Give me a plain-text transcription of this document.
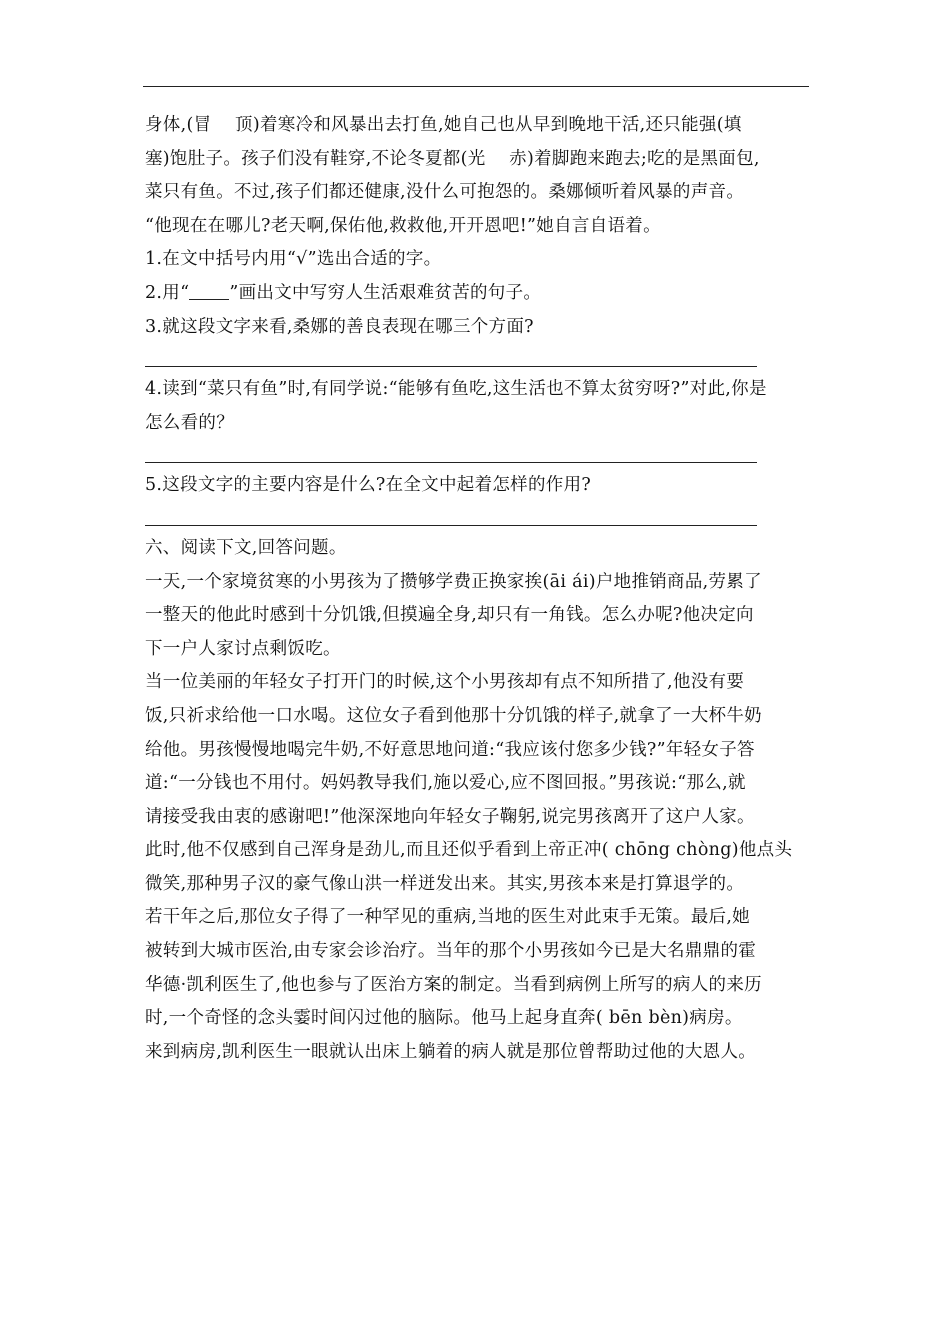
身体,(冒　 顶)着寒冷和风暴出去打鱼,她自己也从早到晚地干活,还只能强(填
塞)饱肚子。孩子们没有鞋穿,不论冬夏都(光　 赤)着脚跑来跑去;吃的是黑面包,
菜只有鱼。不过,孩子们都还健康,没什么可抱怨的。桑娜倾听着风暴的声音。
“他现在在哪儿?老天啊,保佑他,救救他,开开恩吧!”她自言自语着。
1.在文中括号内用“√”选出合适的字。
2.用“ ”画出文中写穷人生活艰难贫苦的句子。
3.就这段文字来看,桑娜的善良表现在哪三个方面?
4.读到“菜只有鱼”时,有同学说:“能够有鱼吃,这生活也不算太贫穷呀?”对此,你是
怎么看的？
5.这段文字的主要内容是什么?在全文中起着怎样的作用?
六、阅读下文,回答问题。
一天,一个家境贫寒的小男孩为了攒够学费正换家挨(āi ái)户地推销商品,劳累了
一整天的他此时感到十分饥饿,但摸遍全身,却只有一角钱。怎么办呢?他决定向
下一户人家讨点剩饭吃。
当一位美丽的年轻女子打开门的时候,这个小男孩却有点不知所措了,他没有要
饭,只祈求给他一口水喝。这位女子看到他那十分饥饿的样子,就拿了一大杯牛奶
给他。男孩慢慢地喝完牛奶,不好意思地问道:“我应该付您多少钱?”年轻女子答
道:“一分钱也不用付。妈妈教导我们,施以爱心,应不图回报。”男孩说:“那么,就
请接受我由衷的感谢吧!”他深深地向年轻女子鞠躬,说完男孩离开了这户人家。
此时,他不仅感到自己浑身是劲儿,而且还似乎看到上帝正冲( chōng chòng)他点头
微笑,那种男子汉的豪气像山洪一样迸发出来。其实,男孩本来是打算退学的。
若干年之后,那位女子得了一种罕见的重病,当地的医生对此束手无策。最后,她
被转到大城市医治,由专家会诊治疗。当年的那个小男孩如今已是大名鼎鼎的霍
华德·凯利医生了,他也参与了医治方案的制定。当看到病例上所写的病人的来历
时,一个奇怪的念头霎时间闪过他的脑际。他马上起身直奔( bēn bèn)病房。
来到病房,凯利医生一眼就认出床上躺着的病人就是那位曾帮助过他的大恩人。
